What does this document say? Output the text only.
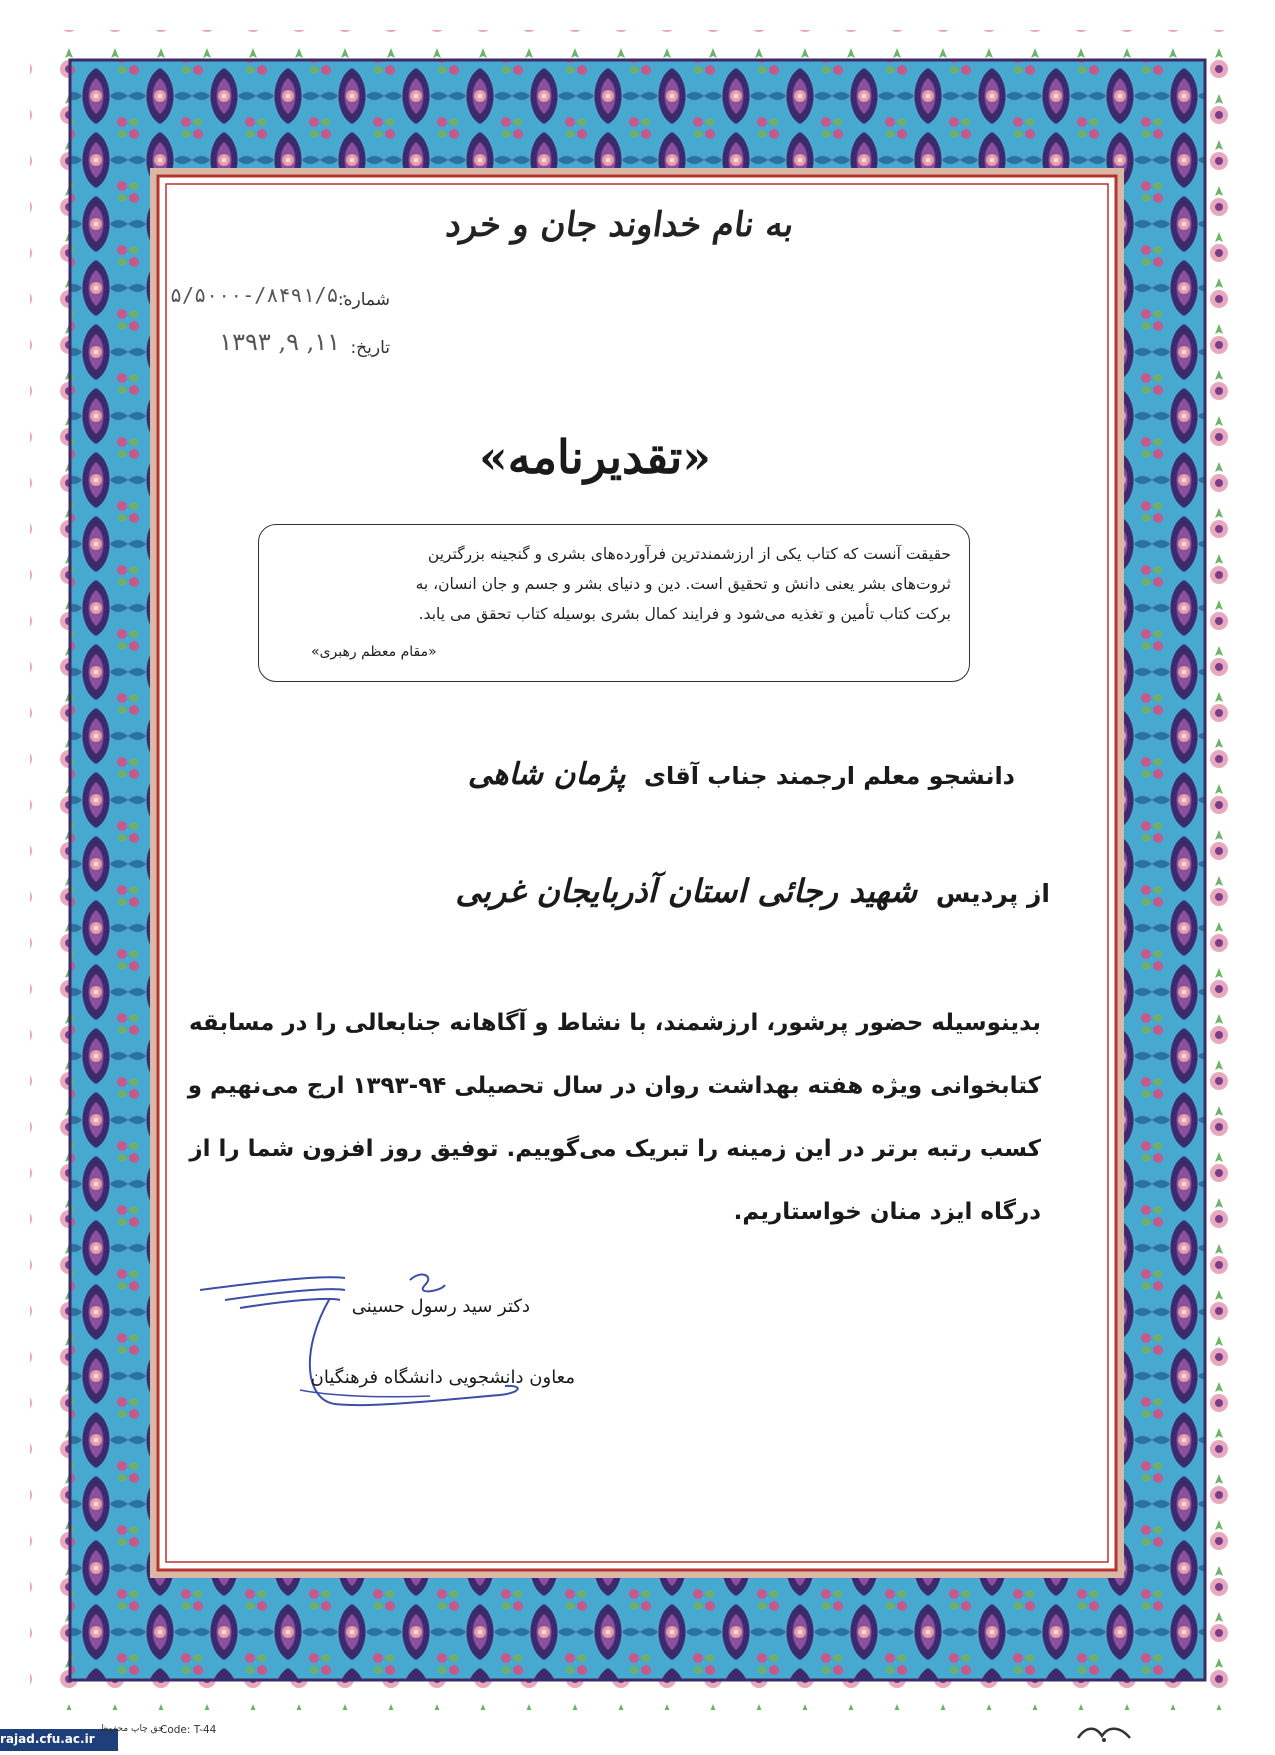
به نام خداوند جان و خرد
شماره:
۵/۵۰۰۰-/۸۴۹۱/۵۰
تاریخ:
۱۳۹۳ ,۹ ,۱۱
«تقدیرنامه»
حقیقت آنست که کتاب یکی از ارزشمندترین فرآورده‌های بشری و گنجینه بزرگترین
ثروت‌های بشر یعنی دانش و تحقیق است. دین و دنیای بشر و جسم و جان انسان، به
برکت کتاب تأمین و تغذیه می‌شود و فرایند کمال بشری بوسیله کتاب تحقق می یابد.
«مقام معظم رهبری»
دانشجو معلم ارجمند جناب آقای پژمان شاهی
از پردیس شهید رجائی استان آذربایجان غربی
بدینوسیله حضور پرشور، ارزشمند، با نشاط و آگاهانه جنابعالی را در مسابقه
کتابخوانی ویژه هفته بهداشت روان در سال تحصیلی ۹۴-۱۳۹۳ ارج می‌نهیم و
کسب رتبه برتر در این زمینه را تبریک می‌گوییم. توفیق روز افزون شما را از
درگاه ایزد منان خواستاریم.
دکتر سید رسول حسینی
معاون دانشجویی دانشگاه فرهنگیان
rajad.cfu.ac.ir
حق چاپ محفوظ
Code: T-44
